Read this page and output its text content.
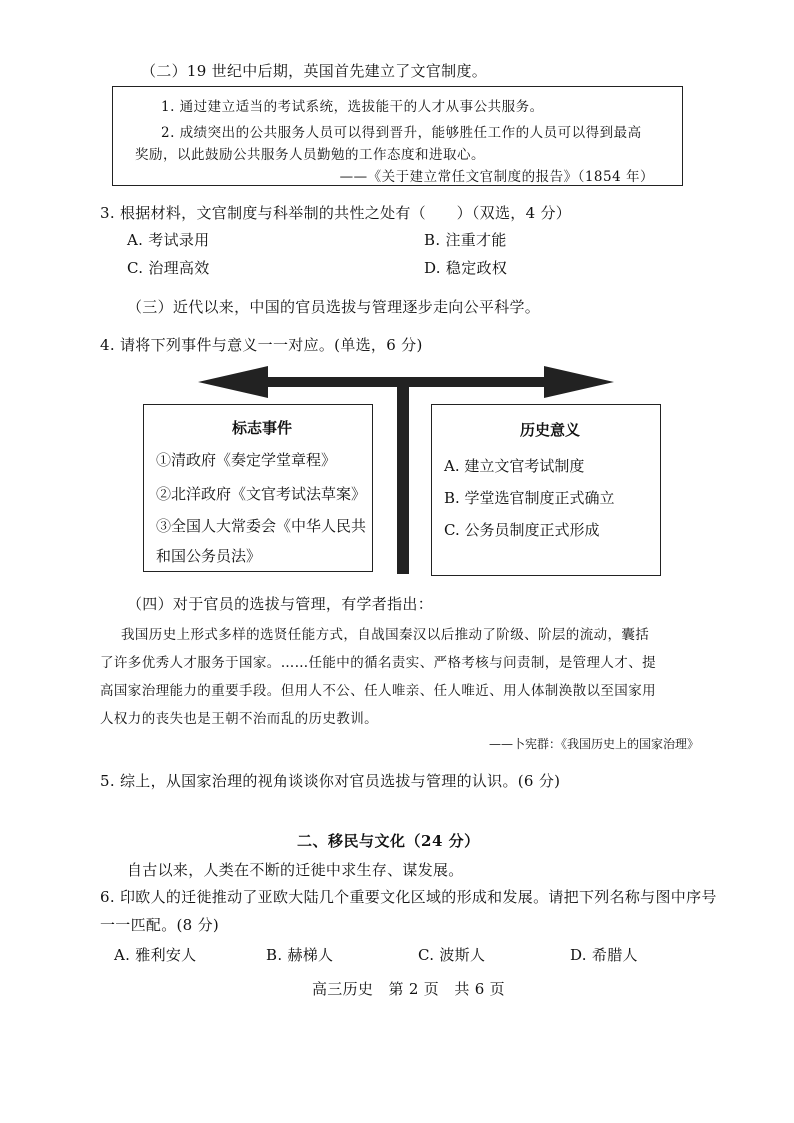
（二）19 世纪中后期，英国首先建立了文官制度。
1. 通过建立适当的考试系统，选拔能干的人才从事公共服务。
2. 成绩突出的公共服务人员可以得到晋升，能够胜任工作的人员可以得到最高
奖励，以此鼓励公共服务人员勤勉的工作态度和进取心。
——《关于建立常任文官制度的报告》（1854 年）
3. 根据材料，文官制度与科举制的共性之处有（　　）（双选，4 分）
A. 考试录用	B. 注重才能
C. 治理高效	D. 稳定政权
（三）近代以来，中国的官员选拔与管理逐步走向公平科学。
4. 请将下列事件与意义一一对应。(单选，6 分)
标志事件
①清政府《奏定学堂章程》
②北洋政府《文官考试法草案》
③全国人大常委会《中华人民共
和国公务员法》
历史意义
A. 建立文官考试制度
B. 学堂选官制度正式确立
C. 公务员制度正式形成
（四）对于官员的选拔与管理，有学者指出：
我国历史上形式多样的选贤任能方式，自战国秦汉以后推动了阶级、阶层的流动，囊括
了许多优秀人才服务于国家。……任能中的循名责实、严格考核与问责制，是管理人才、提
高国家治理能力的重要手段。但用人不公、任人唯亲、任人唯近、用人体制涣散以至国家用
人权力的丧失也是王朝不治而乱的历史教训。
——卜宪群：《我国历史上的国家治理》
5. 综上，从国家治理的视角谈谈你对官员选拔与管理的认识。(6 分)
二、移民与文化（24 分）
自古以来，人类在不断的迁徙中求生存、谋发展。
6. 印欧人的迁徙推动了亚欧大陆几个重要文化区域的形成和发展。请把下列名称与图中序号
一一匹配。(8 分)
A. 雅利安人	B. 赫梯人	C. 波斯人	D. 希腊人
高三历史　第 2 页　共 6 页
